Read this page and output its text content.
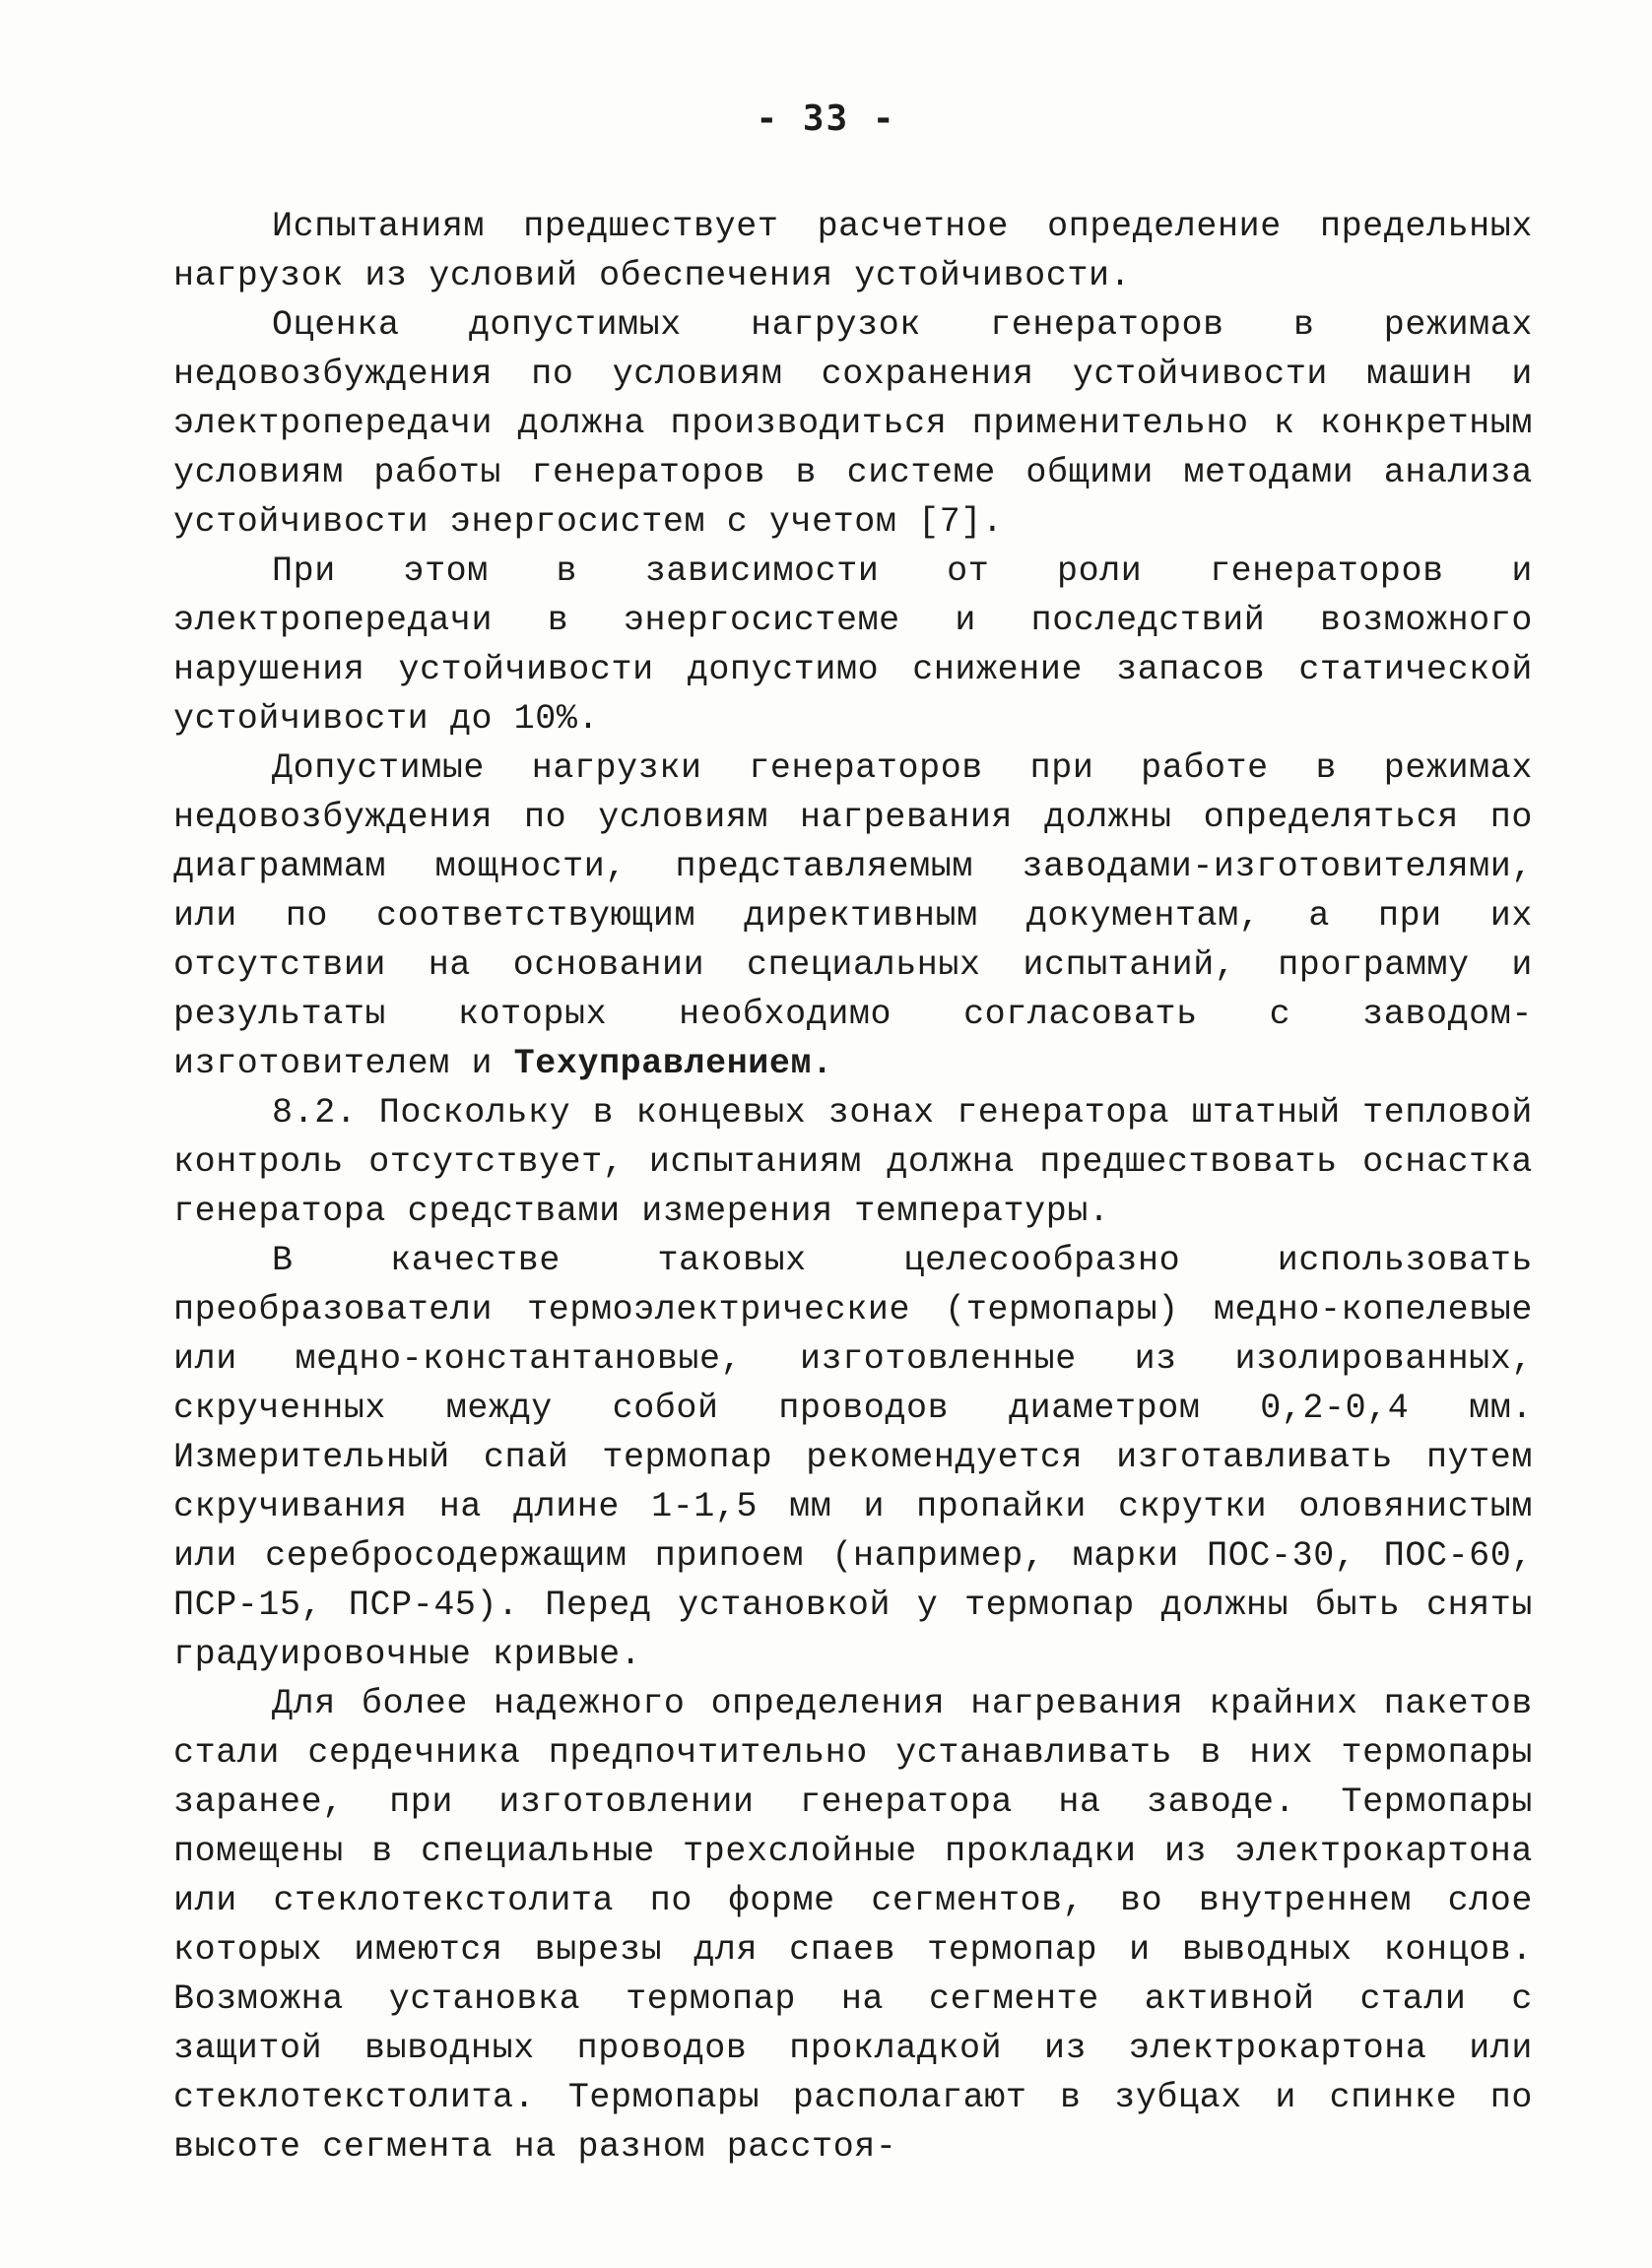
- 33 -

Испытаниям предшествует расчетное определение предельных нагрузок из условий обеспечения устойчивости.

Оценка допустимых нагрузок генераторов в режимах недовозбуждения по условиям сохранения устойчивости машин и электропередачи должна производиться применительно к конкретным условиям работы генераторов в системе общими методами анализа устойчивости энергосистем с учетом [7].

При этом в зависимости от роли генераторов и электропередачи в энергосистеме и последствий возможного нарушения устойчивости допустимо снижение запасов статической устойчивости до 10%.

Допустимые нагрузки генераторов при работе в режимах недовозбуждения по условиям нагревания должны определяться по диаграммам мощности, представляемым заводами-изготовителями, или по соответствующим директивным документам, а при их отсутствии на основании специальных испытаний, программу и результаты которых необходимо согласовать с заводом-изготовителем и Техуправлением.

8.2. Поскольку в концевых зонах генератора штатный тепловой контроль отсутствует, испытаниям должна предшествовать оснастка генератора средствами измерения температуры.

В качестве таковых целесообразно использовать преобразователи термоэлектрические (термопары) медно-копелевые или медно-константановые, изготовленные из изолированных, скрученных между собой проводов диаметром 0,2-0,4 мм. Измерительный спай термопар рекомендуется изготавливать путем скручивания на длине 1-1,5 мм и пропайки скрутки оловянистым или серебросодержащим припоем (например, марки ПОС-30, ПОС-60, ПСР-15, ПСР-45). Перед установкой у термопар должны быть сняты градуировочные кривые.

Для более надежного определения нагревания крайних пакетов стали сердечника предпочтительно устанавливать в них термопары заранее, при изготовлении генератора на заводе. Термопары помещены в специальные трехслойные прокладки из электрокартона или стеклотекстолита по форме сегментов, во внутреннем слое которых имеются вырезы для спаев термопар и выводных концов. Возможна установка термопар на сегменте активной стали с защитой выводных проводов прокладкой из электрокартона или стеклотекстолита. Термопары располагают в зубцах и спинке по высоте сегмента на разном расстоя-
